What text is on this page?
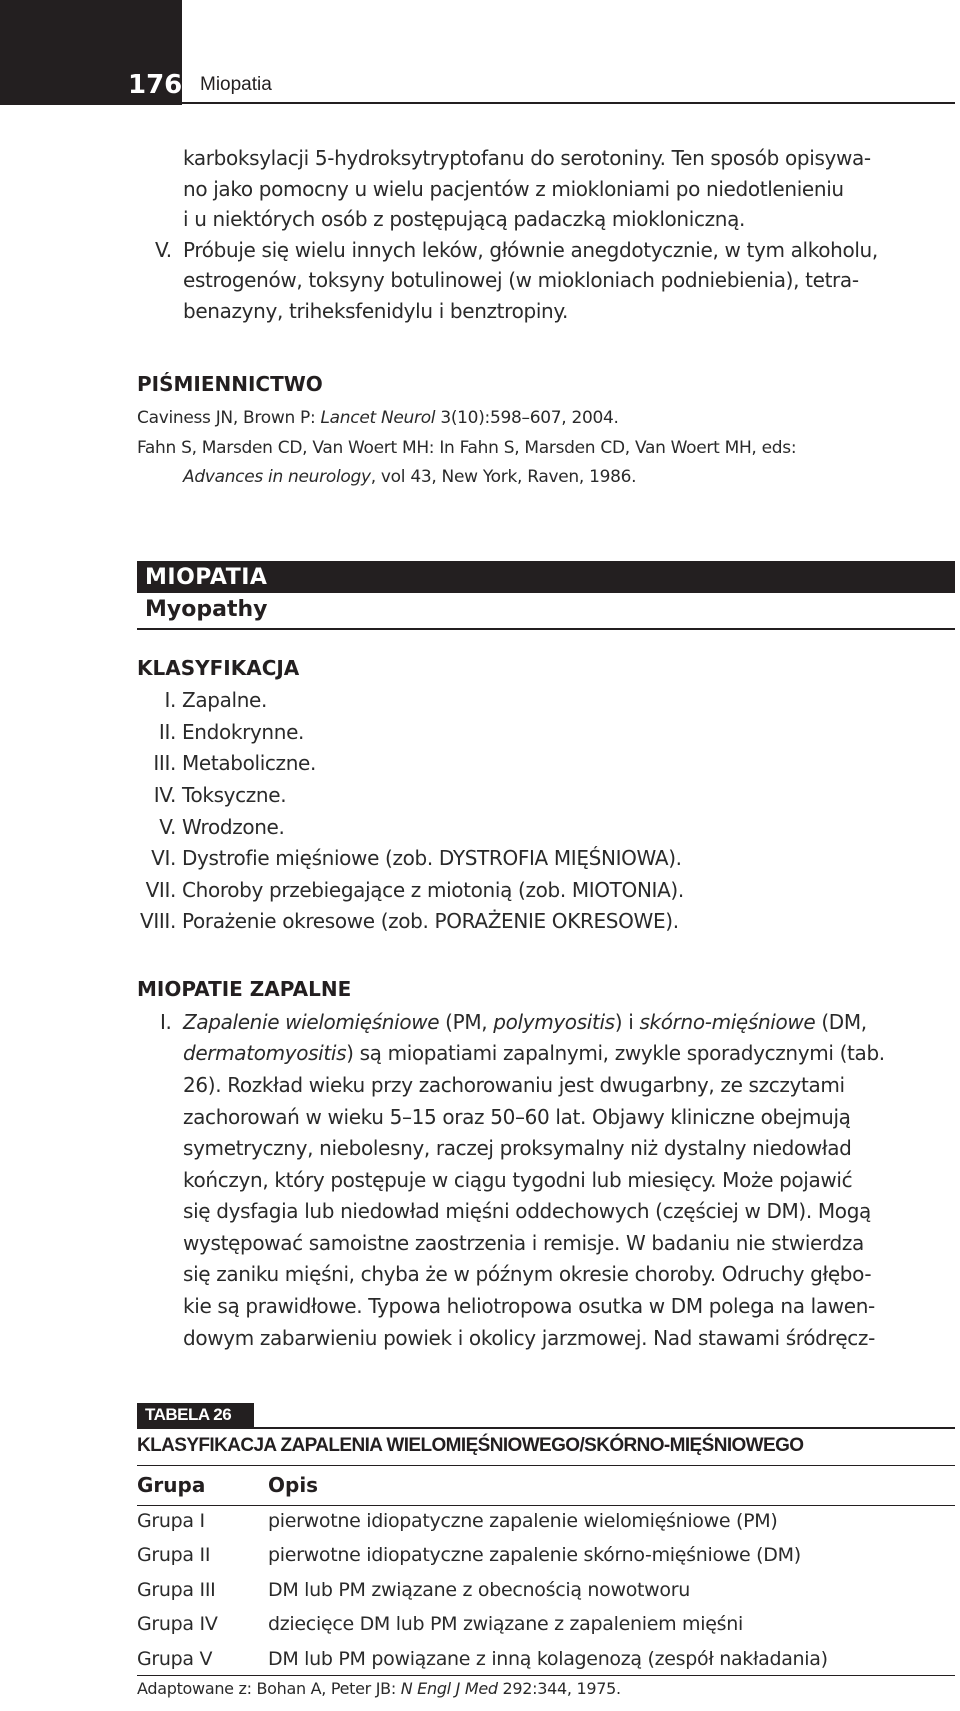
176 Miopatia
karboksylacji 5-hydroksytryptofanu do serotoniny. Ten sposób opisywa-
no jako pomocny u wielu pacjentów z miokloniami po niedotlenieniu
i u niektórych osób z postępującą padaczką miokloniczną.
V. Próbuje się wielu innych leków, głównie anegdotycznie, w tym alkoholu,
estrogenów, toksyny botulinowej (w miokloniach podniebienia), tetra-
benazyny, triheksfenidylu i benztropiny.
PIŚMIENNICTWO
Caviness JN, Brown P: Lancet Neurol 3(10):598–607, 2004.
Fahn S, Marsden CD, Van Woert MH: In Fahn S, Marsden CD, Van Woert MH, eds:
Advances in neurology, vol 43, New York, Raven, 1986.
MIOPATIA
Myopathy
KLASYFIKACJA
I. Zapalne.
II. Endokrynne.
III. Metaboliczne.
IV. Toksyczne.
V. Wrodzone.
VI. Dystrofie mięśniowe (zob. DYSTROFIA MIĘŚNIOWA).
VII. Choroby przebiegające z miotonią (zob. MIOTONIA).
VIII. Porażenie okresowe (zob. PORAŻENIE OKRESOWE).
MIOPATIE ZAPALNE
I. Zapalenie wielomięśniowe (PM, polymyositis) i skórno-mięśniowe (DM,
dermatomyositis) są miopatiami zapalnymi, zwykle sporadycznymi (tab.
26). Rozkład wieku przy zachorowaniu jest dwugarbny, ze szczytami
zachorowań w wieku 5–15 oraz 50–60 lat. Objawy kliniczne obejmują
symetryczny, niebolesny, raczej proksymalny niż dystalny niedowład
kończyn, który postępuje w ciągu tygodni lub miesięcy. Może pojawić
się dysfagia lub niedowład mięśni oddechowych (częściej w DM). Mogą
występować samoistne zaostrzenia i remisje. W badaniu nie stwierdza
się zaniku mięśni, chyba że w późnym okresie choroby. Odruchy głębo-
kie są prawidłowe. Typowa heliotropowa osutka w DM polega na lawen-
dowym zabarwieniu powiek i okolicy jarzmowej. Nad stawami śródręcz-
TABELA 26
KLASYFIKACJA ZAPALENIA WIELOMIĘŚNIOWEGO/SKÓRNO-MIĘŚNIOWEGO
Grupa	Opis
Grupa I	pierwotne idiopatyczne zapalenie wielomięśniowe (PM)
Grupa II	pierwotne idiopatyczne zapalenie skórno-mięśniowe (DM)
Grupa III	DM lub PM związane z obecnością nowotworu
Grupa IV	dziecięce DM lub PM związane z zapaleniem mięśni
Grupa V	DM lub PM powiązane z inną kolagenozą (zespół nakładania)
Adaptowane z: Bohan A, Peter JB: N Engl J Med 292:344, 1975.
